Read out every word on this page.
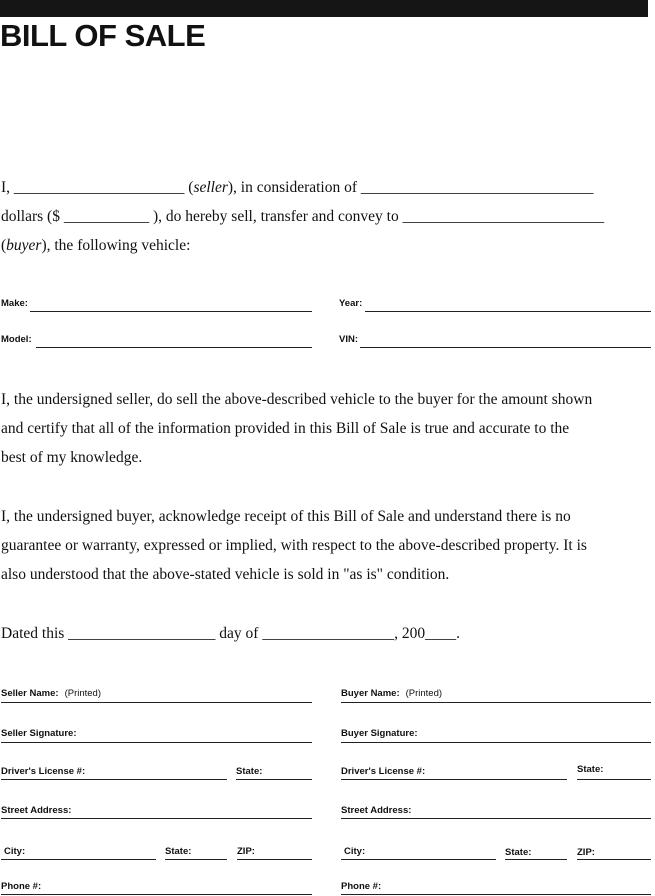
BILL OF SALE
I, ______________________ (seller), in consideration of ______________________________
dollars ($ ___________ ), do hereby sell, transfer and convey to __________________________
(buyer), the following vehicle:
Make:	Year:
Model:	VIN:
I, the undersigned seller, do sell the above-described vehicle to the buyer for the amount shown
and certify that all of the information provided in this Bill of Sale is true and accurate to the
best of my knowledge.
I, the undersigned buyer, acknowledge receipt of this Bill of Sale and understand there is no
guarantee or warranty, expressed or implied, with respect to the above-described property. It is
also understood that the above-stated vehicle is sold in "as is" condition.
Dated this ___________________ day of _________________, 200____.
Seller Name: (Printed)
Seller Signature:
Driver's License #:	State:
Street Address:
City:	State:	ZIP:
Phone #:
Buyer Name: (Printed)
Buyer Signature:
Driver's License #:	State:
Street Address:
City:	State:	ZIP:
Phone #:
